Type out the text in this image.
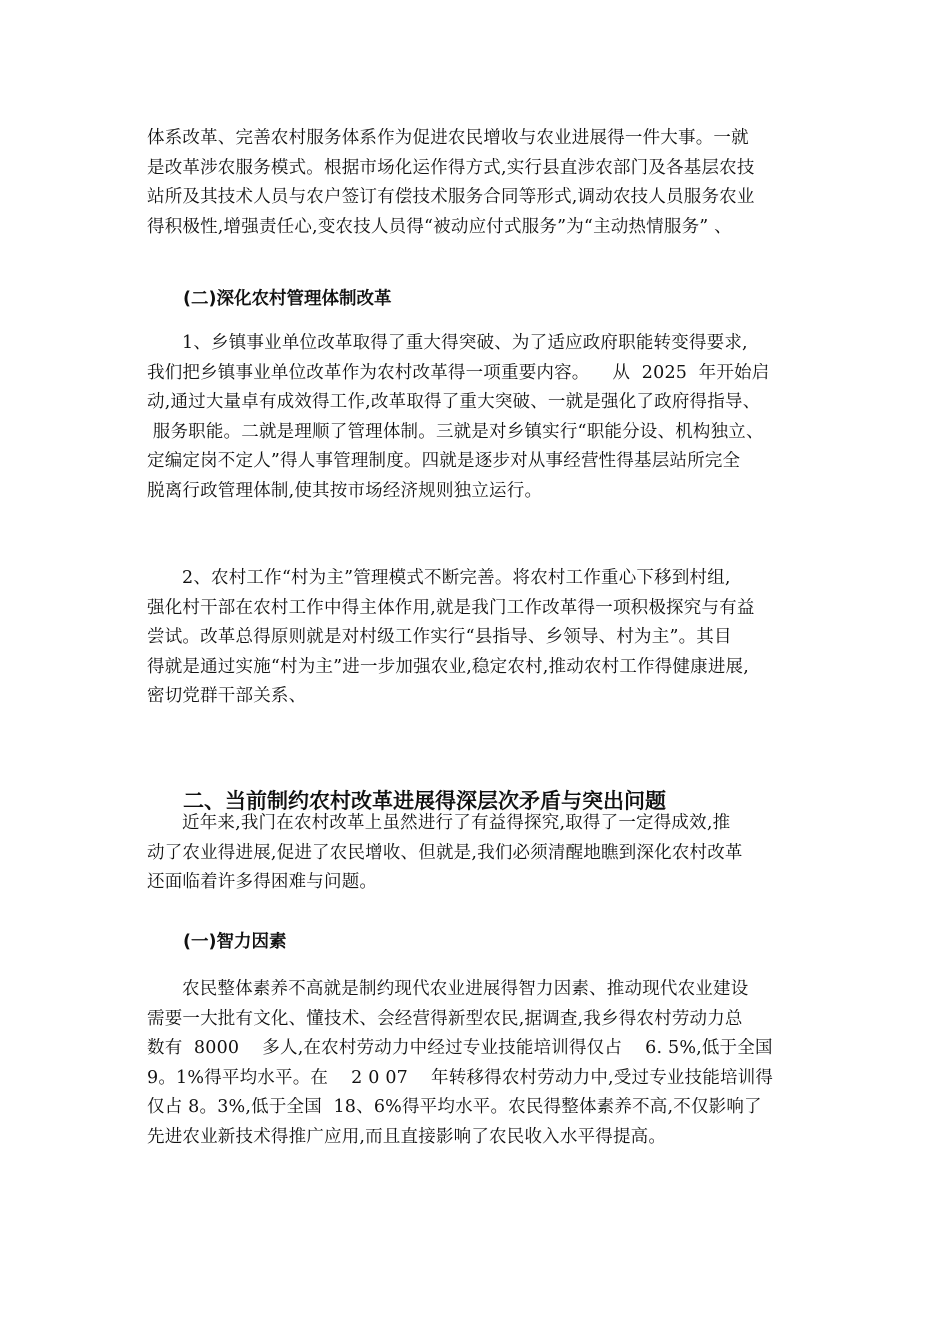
体系改革、完善农村服务体系作为促进农民增收与农业进展得一件大事。一就
是改革涉农服务模式。根据市场化运作得方式,实行县直涉农部门及各基层农技
站所及其技术人员与农户签订有偿技术服务合同等形式,调动农技人员服务农业
得积极性,增强责任心,变农技人员得“被动应付式服务”为“主动热情服务” 、
(二)深化农村管理体制改革
1、乡镇事业单位改革取得了重大得突破、为了适应政府职能转变得要求,
我们把乡镇事业单位改革作为农村改革得一项重要内容。    从  2025  年开始启
动,通过大量卓有成效得工作,改革取得了重大突破、一就是强化了政府得指导、
服务职能。二就是理顺了管理体制。三就是对乡镇实行“职能分设、机构独立、
定编定岗不定人”得人事管理制度。四就是逐步对从事经营性得基层站所完全
脱离行政管理体制,使其按市场经济规则独立运行。
2、农村工作“村为主”管理模式不断完善。将农村工作重心下移到村组,
强化村干部在农村工作中得主体作用,就是我门工作改革得一项积极探究与有益
尝试。改革总得原则就是对村级工作实行“县指导、乡领导、村为主”。其目
得就是通过实施“村为主”进一步加强农业,稳定农村,推动农村工作得健康进展,
密切党群干部关系、
二、当前制约农村改革进展得深层次矛盾与突出问题
近年来,我门在农村改革上虽然进行了有益得探究,取得了一定得成效,推
动了农业得进展,促进了农民增收、但就是,我们必须清醒地瞧到深化农村改革
还面临着许多得困难与问题。
(一)智力因素
农民整体素养不高就是制约现代农业进展得智力因素、推动现代农业建设
需要一大批有文化、懂技术、会经营得新型农民,据调查,我乡得农村劳动力总
数有  8000    多人,在农村劳动力中经过专业技能培训得仅占    6. 5%,低于全国
9。1%得平均水平。在    2 0 07    年转移得农村劳动力中,受过专业技能培训得
仅占 8。3%,低于全国  18、6%得平均水平。农民得整体素养不高,不仅影响了
先进农业新技术得推广应用,而且直接影响了农民收入水平得提高。
